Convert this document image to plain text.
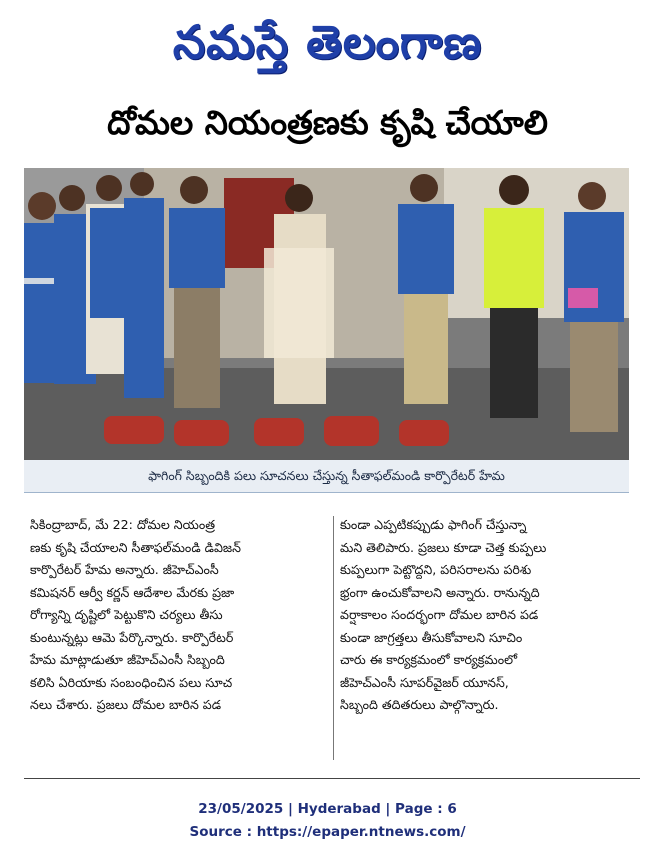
నమస్తే తెలంగాణ
దోమల నియంత్రణకు కృషి చేయాలి
ఫాగింగ్ సిబ్బందికి పలు సూచనలు చేస్తున్న సీతాఫల్‌మండి కార్పొరేటర్ హేమ

సికింద్రాబాద్, మే 22: దోమల నియంత్ర

ణకు కృషి చేయాలని సీతాఫల్‌మండి డివిజన్

కార్పొరేటర్ హేమ అన్నారు. జీహెచ్‌ఎంసీ

కమిషనర్ ఆర్వీ కర్ణన్ ఆదేశాల మేరకు ప్రజా

రోగ్యాన్ని దృష్టిలో పెట్టుకొని చర్యలు తీసు

కుంటున్నట్లు ఆమె పేర్కొన్నారు. కార్పొరేటర్

హేమ మాట్లాడుతూ జీహెచ్‌ఎంసీ సిబ్బంది

కలిసి ఏరియాకు సంబంధించిన పలు సూచ

నలు చేశారు. ప్రజలు దోమల బారిన పడ

కుండా ఎప్పటికప్పుడు ఫాగింగ్ చేస్తున్నా

మని తెలిపారు. ప్రజలు కూడా చెత్త కుప్పలు

కుప్పలుగా పెట్టొద్దని, పరిసరాలను పరిశు

భ్రంగా ఉంచుకోవాలని అన్నారు. రానున్నది

వర్షాకాలం సందర్భంగా దోమల బారిన పడ

కుండా జాగ్రత్తలు తీసుకోవాలని సూచిం

చారు ఈ కార్యక్రమంలో కార్యక్రమంలో

జీహెచ్‌ఎంసీ సూపర్‌వైజర్ యూనస్,

సిబ్బంది తదితరులు పాల్గొన్నారు.

23/05/2025 | Hyderabad | Page : 6
Source : https://epaper.ntnews.com/
